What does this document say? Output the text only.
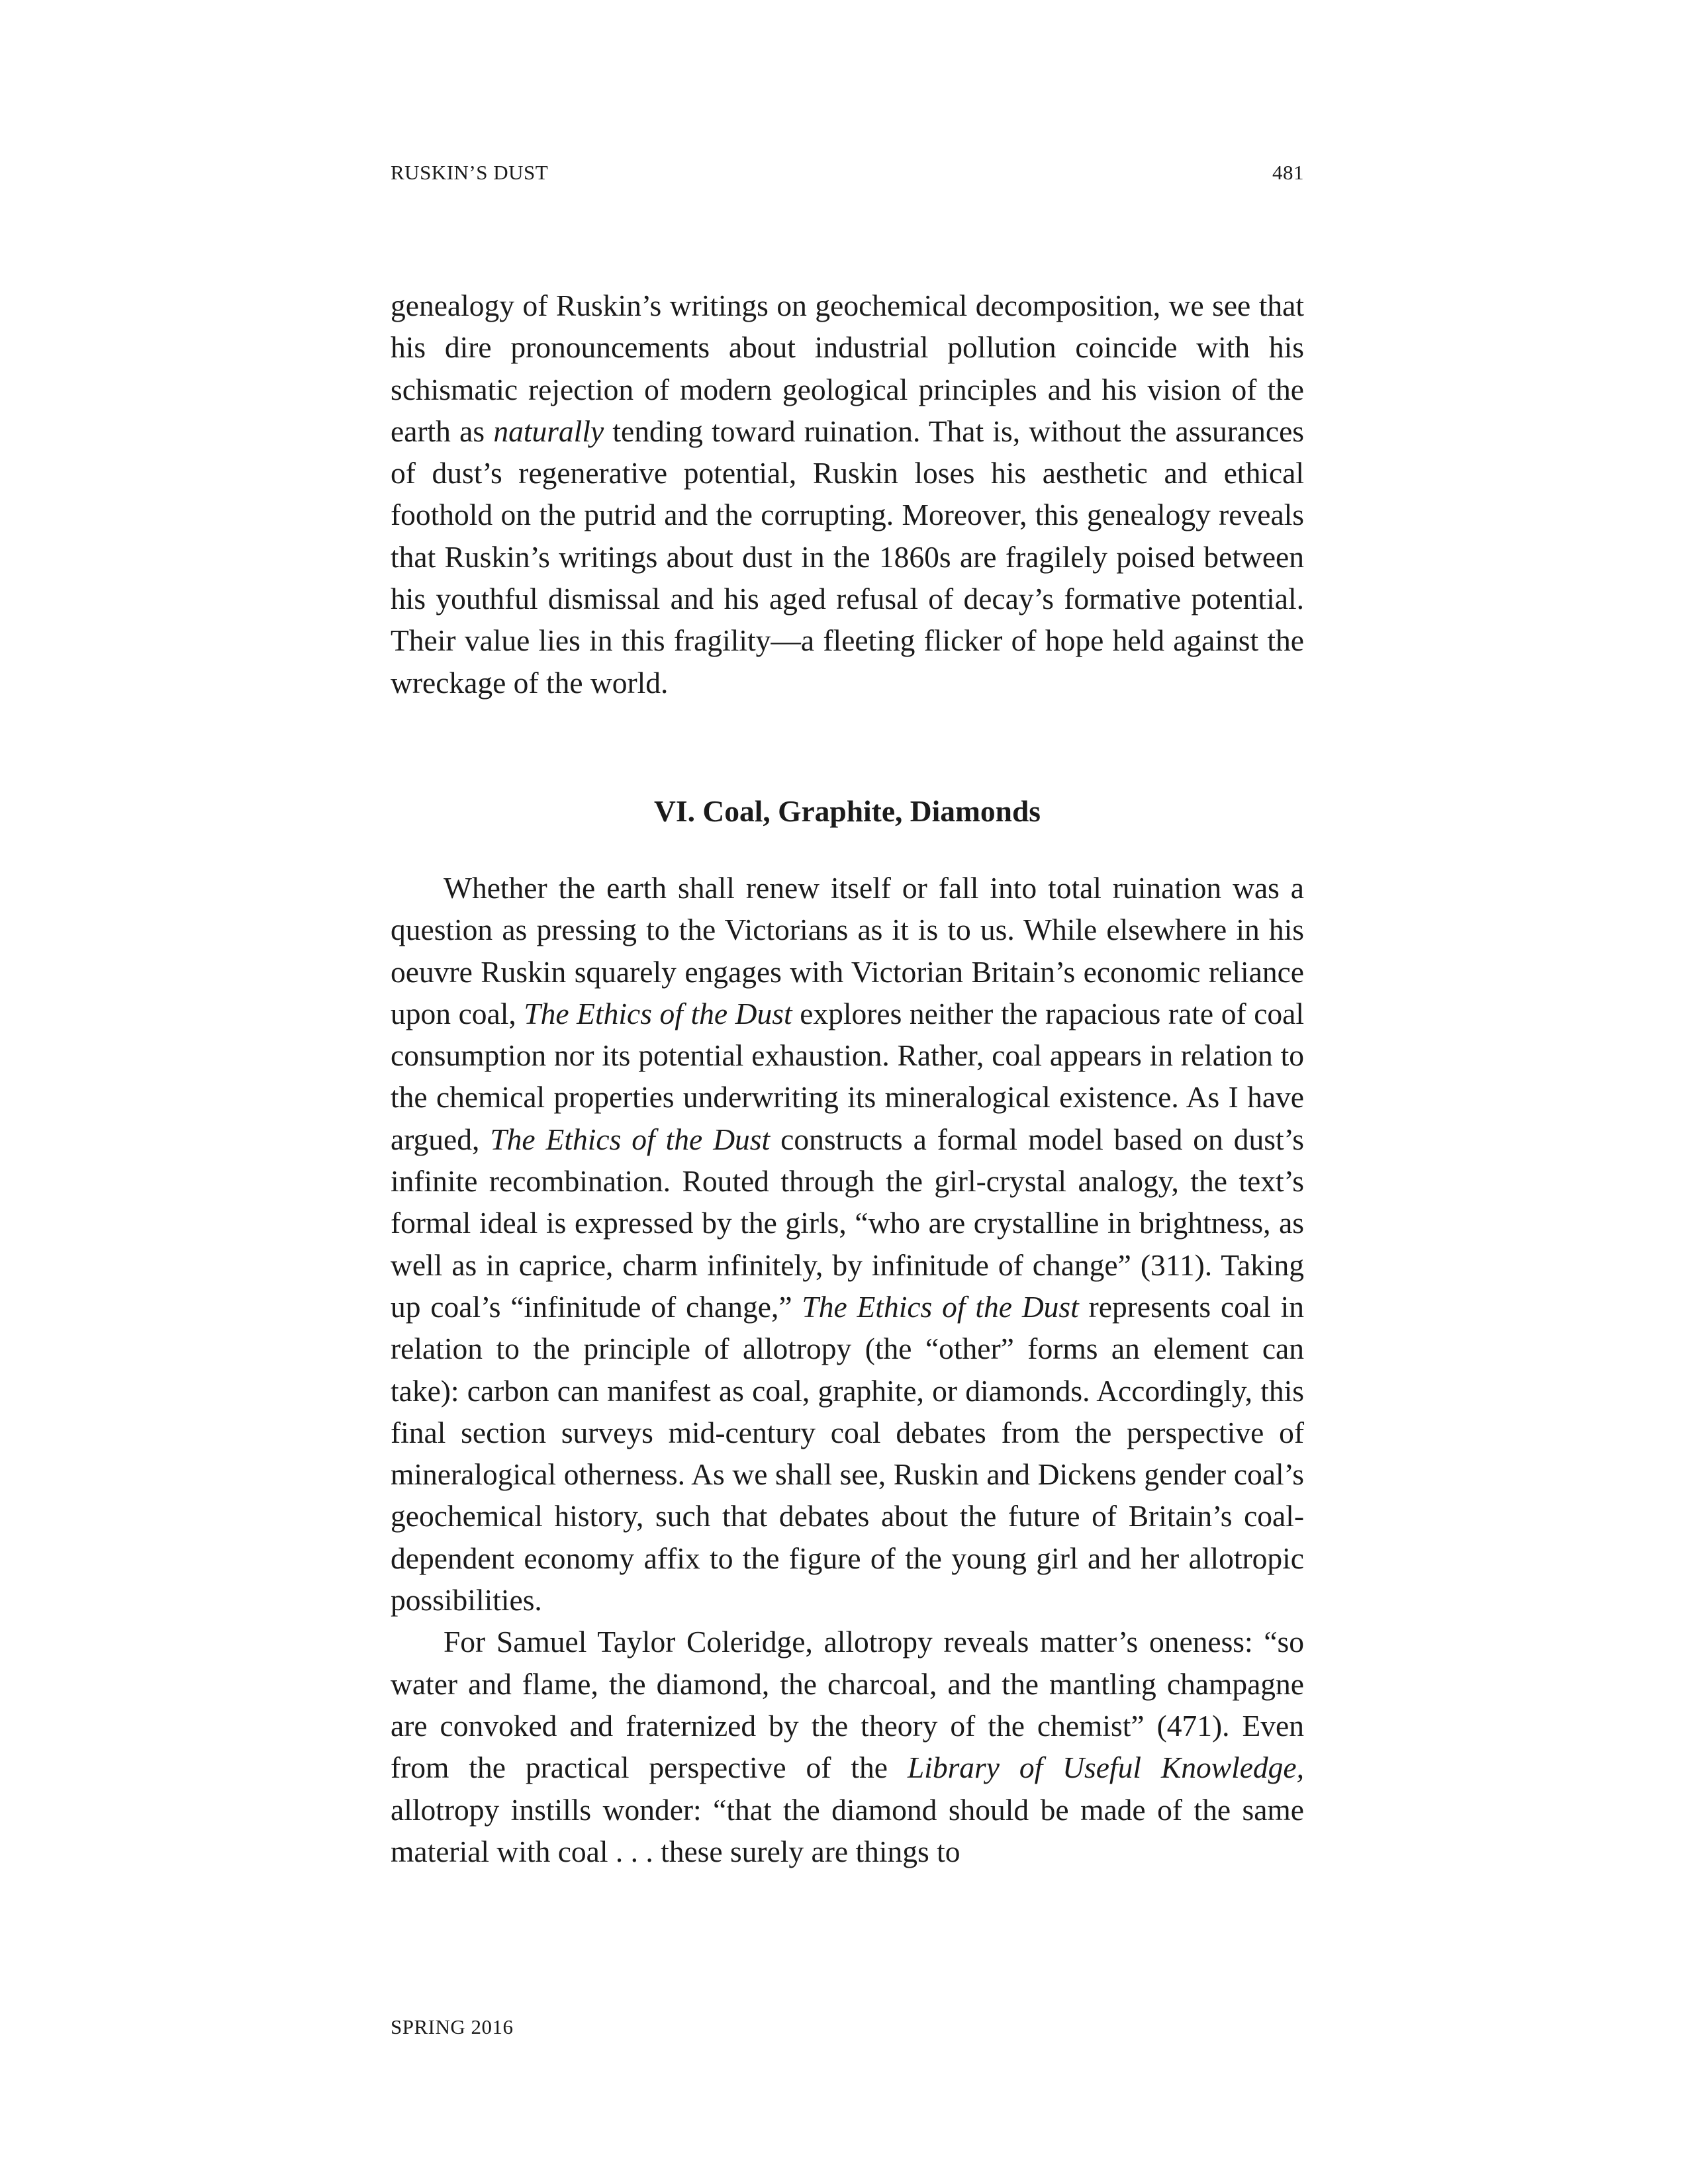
RUSKIN’S DUST	481

genealogy of Ruskin’s writings on geochemical decomposition, we see that his dire pronouncements about industrial pollution coincide with his schismatic rejection of modern geological principles and his vision of the earth as naturally tending toward ruination. That is, without the assurances of dust’s regenerative potential, Ruskin loses his aesthetic and ethical foothold on the putrid and the corrupting. Moreover, this genealogy reveals that Ruskin’s writings about dust in the 1860s are fragilely poised between his youthful dismissal and his aged refusal of decay’s formative potential. Their value lies in this fragility—a fleeting flicker of hope held against the wreckage of the world.

VI. Coal, Graphite, Diamonds

Whether the earth shall renew itself or fall into total ruination was a question as pressing to the Victorians as it is to us. While elsewhere in his oeuvre Ruskin squarely engages with Victorian Britain’s economic reliance upon coal, The Ethics of the Dust explores neither the rapacious rate of coal consumption nor its potential exhaustion. Rather, coal appears in relation to the chemical properties underwriting its mineralogical existence. As I have argued, The Ethics of the Dust constructs a formal model based on dust’s infinite recombination. Routed through the girl-crystal analogy, the text’s formal ideal is expressed by the girls, “who are crystalline in brightness, as well as in caprice, charm infinitely, by infinitude of change” (311). Taking up coal’s “infinitude of change,” The Ethics of the Dust represents coal in relation to the principle of allotropy (the “other” forms an element can take): carbon can manifest as coal, graphite, or diamonds. Accordingly, this final section surveys mid-century coal debates from the perspective of mineralogical otherness. As we shall see, Ruskin and Dickens gender coal’s geochemical history, such that debates about the future of Britain’s coal-dependent economy affix to the figure of the young girl and her allotropic possibilities.

For Samuel Taylor Coleridge, allotropy reveals matter’s oneness: “so water and flame, the diamond, the charcoal, and the mantling champagne are convoked and fraternized by the theory of the chemist” (471). Even from the practical perspective of the Library of Useful Knowledge, allotropy instills wonder: “that the diamond should be made of the same material with coal . . . these surely are things to

SPRING 2016
